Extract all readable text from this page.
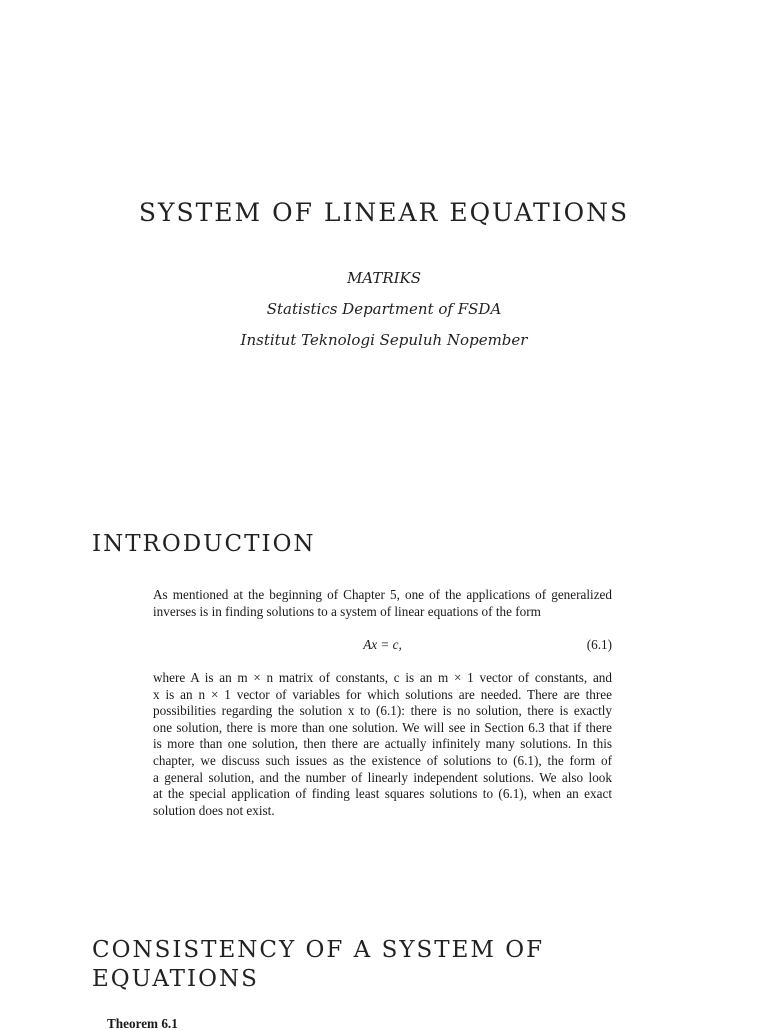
SYSTEM OF LINEAR EQUATIONS
MATRIKS
Statistics Department of FSDA
Institut Teknologi Sepuluh Nopember
INTRODUCTION
As mentioned at the beginning of Chapter 5, one of the applications of generalized
inverses is in finding solutions to a system of linear equations of the form
Ax = c,	(6.1)
where A is an m × n matrix of constants, c is an m × 1 vector of constants, and
x is an n × 1 vector of variables for which solutions are needed. There are three
possibilities regarding the solution x to (6.1): there is no solution, there is exactly
one solution, there is more than one solution. We will see in Section 6.3 that if there
is more than one solution, then there are actually infinitely many solutions. In this
chapter, we discuss such issues as the existence of solutions to (6.1), the form of
a general solution, and the number of linearly independent solutions. We also look
at the special application of finding least squares solutions to (6.1), when an exact
solution does not exist.
CONSISTENCY OF A SYSTEM OF EQUATIONS
Theorem 6.1
